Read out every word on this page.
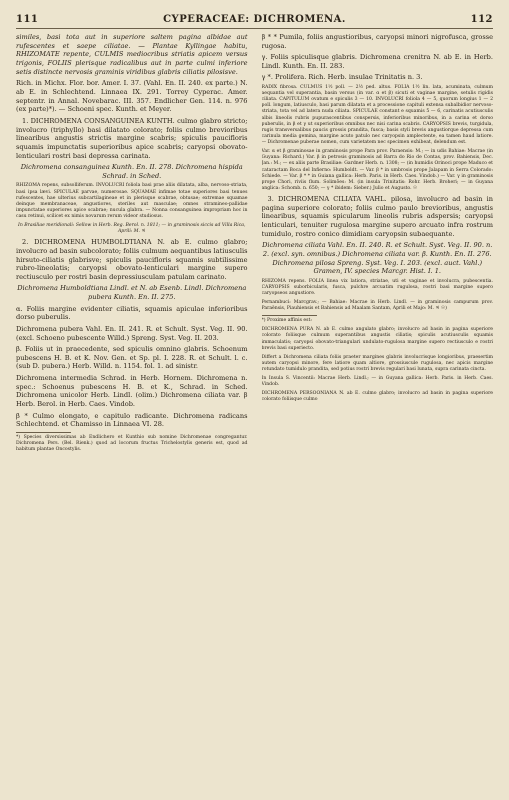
111	CYPERACEAE: DICHROMENA.	112

similes, basi tota aut in superiore saltem pagina albidae aut rufescentes et saepe ciliatae. — Plantae Kyllingae habitu, RHIZOMATE repente, CULMIS mediocribus striatis apicem versus trigonis, FOLIIS plerisque radicalibus aut in parte culmi inferiore setis distincte nervosis graminis viridibus glabris ciliatis pilosisve.

Rich. in Michx. Flor. bor. Amer. I. 37. (Vahl. En. II. 240. ex parte.) N. ab E. in Schlechtend. Linnaea IX. 291. Torrey Cyperac. Amer. septentr. in Annal. Novebarac. III. 357. Endlicher Gen. 114. n. 976 (ex parte)*). — Schoeni spec. Kunth. et Meyer.

1. DICHROMENA CONSANGUINEA KUNTH. culmo glabro stricto; involucro (triphyllo) basi dilatato colorato; foliis culmo brevioribus linearibus angustis strictis margine scabris; spiculis paucifloris squamis impunctatis superioribus apice scabris; caryopsi obovato-lenticulari rostri basi depressa carinata.

Dichromena consanguinea Kunth. En. II. 278. Dichromena hispida Schrad. in Sched.

RHIZOMA repens, subsolliferum. INVOLUCRI foliola basi prae aliis dilatata, alba, nervoso-striata, basi ipsa lævi. SPICULAE parvae, numerosae. SQUAMAE infimae totae superiores basi tenues rufescentes, hae ulterius subcartilagineae et in plerisque scabrae, obtusae; extremae squamae deinque membranaceae, angustiores, steriles aut masculae; omnes stramineo-pallidae impunctatae superiores apice scabrae; nucula glabra. — Nonna consanguinea impropriam hoc in casu retinui, scilicet ex nimis novarum rerum videor studiosus.

In Brasiliae meridionali: Sellow in Herb. Reg. Berol. n. 1811; — in graminosis siccis ad Villa Rica, Aprili: M. ♃

2. DICHROMENA HUMBOLDTIANA N. ab E. culmo glabro; involucro ad basin subcolorato; foliis culmum aequantibus latiusculis hirsuto-ciliatis glabrisve; spiculis paucifloris squamis subtilissime rubro-lineolatis; caryopsi obovato-lenticulari margine supero rectiusculo per rostri basin depressiusculam patulam carinato.

Dichromena Humboldtiana Lindl. et N. ab Esenb. Lindl. Dichromena pubera Kunth. En. II. 275.

α. Foliis margine evidenter ciliatis, squamis apiculae inferioribus dorso puberulis.

Dichromena pubera Vahl. En. II. 241. R. et Schult. Syst. Veg. II. 90. (excl. Schoeno pubescente Willd.) Spreng. Syst. Veg. II. 203.

β. Foliis ut in praecedente, sed spiculis omnino glabris. Schoenum pubescens H. B. et K. Nov. Gen. et Sp. pl. I. 228. R. et Schult. l. c. (sub D. pubera.) Herb. Willd. n. 1154. fol. 1. ad sinistr.

Dichromena intermedia Schrad. in Herb. Hornem. Dichromena n. spec.: Schoenus pubescens H. B. et K., Schrad. in Sched. Dichromena unicolor Herb. Lindl. (olim.) Dichromena ciliata var. β Herb. Berol. in Herb. Caes. Vindob.

β * Culmo elongato, e capitulo radicante. Dichromena radicans Schlechtend. et Chamisso in Linnaea VI. 28.

*) Species diversissimas ab Endlichero et Kunthio sub nomine Dichromenae congregantur. Dichromena Pers. (Bel. Rienk.) quod ad locorum fructus Trichelostylis generis est, quod ad habitum plantae Oncostylis.

β * * Pumila, foliis angustioribus, caryopsi minori nigrofusca, grosse rugosa.

γ. Foliis spiculisque glabris. Dichromena crenitra N. ab E. in Herb. Lindl. Kunth. En. II. 283.

γ *. Prolifera. Rich. Herb. insulae Trinitatis n. 3.

RADIX fibrosa. CULMUS 1½ poll. — 2½ ped. altus. FOLIA 1½ lin. lata, acuminata, culmum aequantia vel superantia, basin versus (in var. α et β) sicuti et vaginae margine, setulis rigidis ciliata. CAPITULUM ovatum e spiculis 3 — 10. INVOLUCRI foliola 4 — 5, quorum longius 1 — 2 poll. longum, latiusculo, basi parum dilatata et a processione capituli extensa subalbidior nervoso-striata, tota vel ad latera nuda ciliata. SPICULAE constant e squamis 5 — 6, carinatis acutiusculis albis lineolis rubris pupurascentibus conspersis, inferioribus minoribus, in a carina et dorso puberulis, in β et γ ut superioribus omnibus nec nisi carina scabris. CARYOPSIS brevis, turgidula, rugis transversalibus paucis grossis prandita, fusca; basis styli brevis angustiorque depressa cum carinula media gemina, margine acuto patulo nec caryopsin amplectente, ea tamen haud latiore. — Dichromenae puberae nomen, cum varietatem nec specimen exhibeat, delendum est.

Var. α et β graminosae in graminosis prope Para prov. Paraensis: M.; — in udis Bahiae: Macrae (in Guyana: Richard.) Var. β in petrosis graminosis ad Barra do Rio de Contas, prov. Bahiensis, Dec. Jan.: M.; — ex aliis parte Brasiliae: Gardner Herb. n. 1308; — (in humidis Orinoci prope Maduco et cataractam Boca del Infierno: Humboldt. — Var. β * in umbrosis prope Jalapam in Serra Colorado: Schiede. — Var. β * * in Guiana gallica: Herb. Paris. in Herb. Caes. Vindob.) — Var. γ in graminosis prope Chori, riviis flum. Solimões: M. (in insula Trinitatis: Rohr. Herb. Broheri; — in Guyana anglica: Schomb. n. 650; — γ * ibidem: Sieber.) Julio et Augusto. ☉

3. DICHROMENA CILIATA VAHL. pilosa, involucro ad basin in pagina superiore colorato; foliis culmo paulo brevioribus, angustis linearibus, squamis spicularum lineolis rubris adspersis; caryopsi lenticulari, tenuiter rugulosa margine supero arcuato infra rostrum tumidulo, rostro conico dimidiam caryopsin subaequante.

Dichromena ciliata Vahl. En. II. 240. R. et Schult. Syst. Veg. II. 90. n. 2. (excl. syn. omnibus.) Dichromena ciliata var. β. Kunth. En. II. 276. Dichromena pilosa Spreng. Syst. Veg. I. 203. (excl. auct. Vahl.) Gramen, IV. species Marcgr. Hist. I. 1.

RHIZOMA repens. FOLIA linea vix latiora, striatae, uti et vaginae et involucra, pubescentia. CARYOPSIS suborbicularis, fusca, pulchre arcuatim rugulosa, rostri basi margine supero caryopseos angustiore.

Pernambuci: Marcgrav.; — Bahiae: Macrae in Herb. Lindl. — in graminosis campurum prov. Paraënsis, Piauhiensis et Bahiensis ad Maalam Santam, Aprili et Majo: M. ♃ ☉)

*) Proxime affinis est:

DICHROMENA PURA N. ab E. culmo angulato glabro; involucro ad basin in pagina superiore colorato foliisque culmum superantibus angustis ciliatis; spiculis acutiusculis squamis immaculatis; caryopsi obovato-triangulari undulato-rugulosa margine supero rectiusculo e rostri brevis basi superiecto.

Differt a Dichromena ciliata foliis praeter margines glabris involucrisque longioribus, praesertim autem caryopsi minore, fere latiore quam altiore, grossiuscule rugulosa, nec apicis margine rotundato tumidulo prandita, sed potius rostri brevis regulari basi lunata, supra carinata cincta.

In Insula S. Vincentii: Macrae Herb. Lindl.; — in Guyana gallica: Herb. Paris. in Herb. Caes. Vindob.

DICHROMENA PERSOONIANA N. ab E. culmo glabro; involucro ad basin in pagina superiore colorato foliisque culmo
